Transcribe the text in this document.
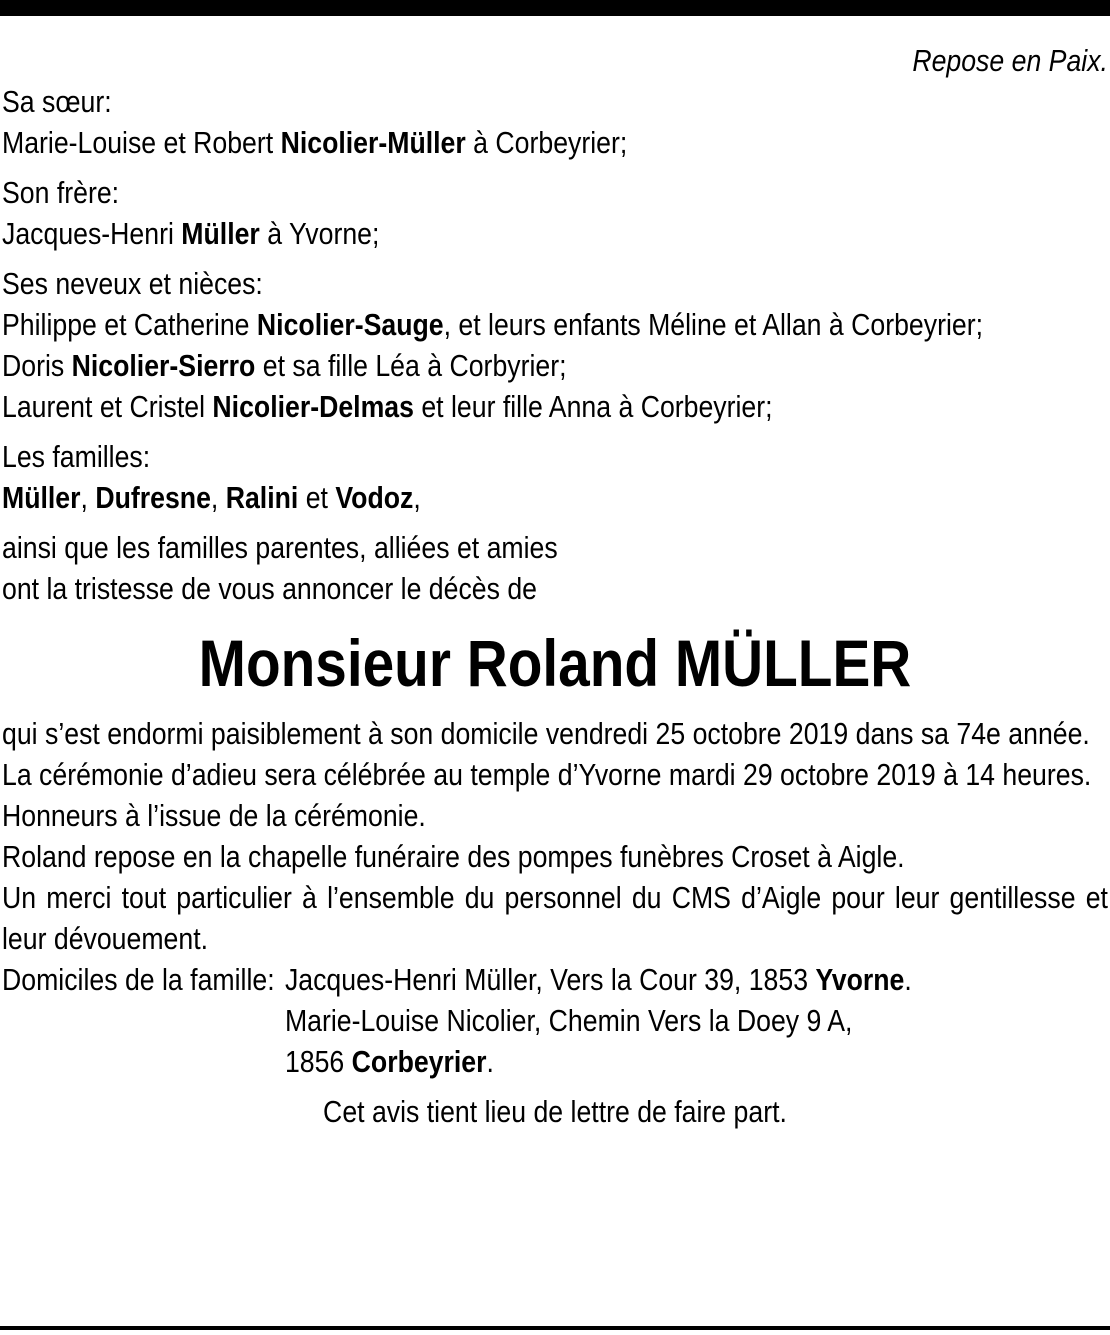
Repose en Paix.

Sa sœur:

Marie-Louise et Robert Nicolier-Müller à Corbeyrier;

Son frère:

Jacques-Henri Müller à Yvorne;

Ses neveux et nièces:

Philippe et Catherine Nicolier-Sauge, et leurs enfants Méline et Allan à Corbeyrier;

Doris Nicolier-Sierro et sa fille Léa à Corbyrier;

Laurent et Cristel Nicolier-Delmas et leur fille Anna à Corbeyrier;

Les familles:

Müller, Dufresne, Ralini et Vodoz,

ainsi que les familles parentes, alliées et amies

ont la tristesse de vous annoncer le décès de

Monsieur Roland MÜLLER

qui s’est endormi paisiblement à son domicile vendredi 25 octobre 2019 dans sa 74e année.

La cérémonie d’adieu sera célébrée au temple d’Yvorne mardi 29 octobre 2019 à 14 heures.

Honneurs à l’issue de la cérémonie.

Roland repose en la chapelle funéraire des pompes funèbres Croset à Aigle.

Un merci tout particulier à l’ensemble du personnel du CMS d’Aigle pour leur gentillesse et leur dévouement.

Domiciles de la famille: Jacques-Henri Müller, Vers la Cour 39, 1853 Yvorne.

Marie-Louise Nicolier, Chemin Vers la Doey 9 A,

1856 Corbeyrier.

Cet avis tient lieu de lettre de faire part.
